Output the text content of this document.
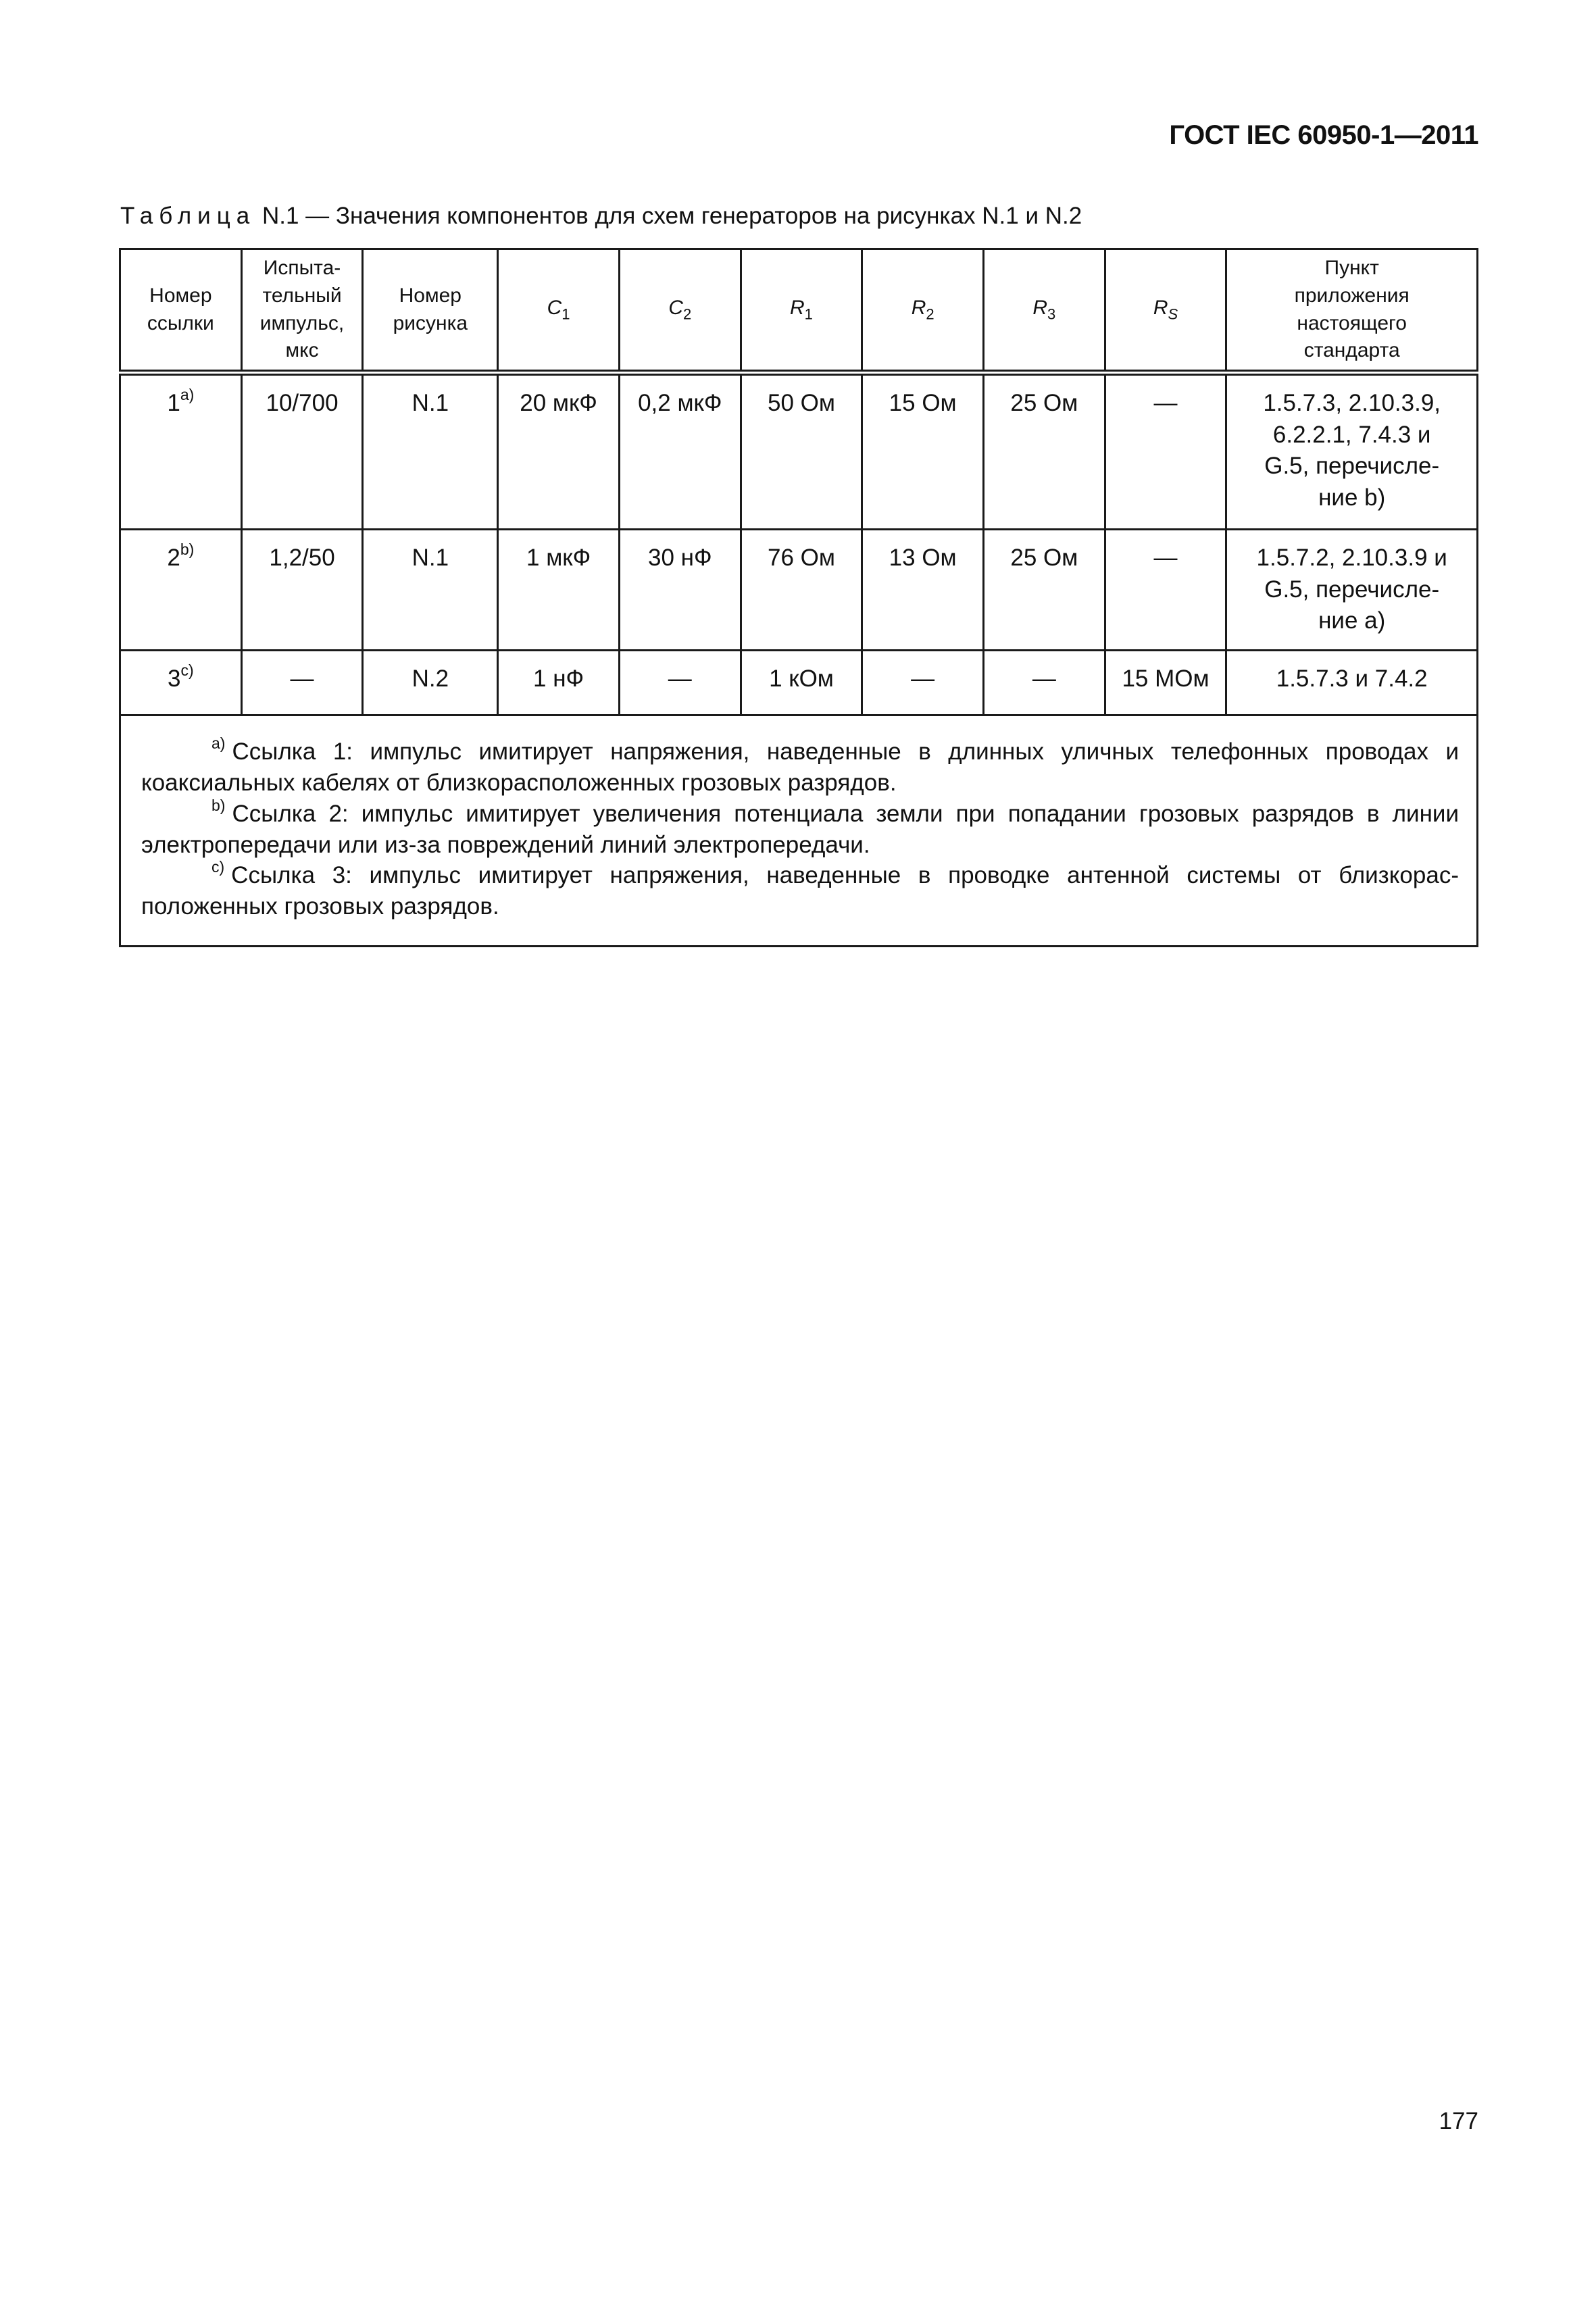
ГОСТ IEC 60950-1—2011
Таблица N.1 — Значения компонентов для схем генераторов на рисунках N.1 и N.2
Номер
ссылки	Испыта-
тельный
импульс,
мкс	Номер
рисунка	$C_1$	$C_2$	$R_1$	$R_2$	$R_3$	$R_S$	Пункт
приложения
настоящего
стандарта
1$^{a)}$	10/700	N.1	20 мкФ	0,2 мкФ	50 Ом	15 Ом	25 Ом	—	1.5.7.3, 2.10.3.9,
6.2.2.1, 7.4.3 и
G.5, перечисле-
ние b)
2$^{b)}$	1,2/50	N.1	1 мкФ	30 нФ	76 Ом	13 Ом	25 Ом	—	1.5.7.2, 2.10.3.9 и
G.5, перечисле-
ние a)
3$^{c)}$	—	N.2	1 нФ	—	1 кОм	—	—	15 МОм	1.5.7.3 и 7.4.2

$^{a)}$ Ссылка 1: импульс имитирует напряжения, наведенные в длинных уличных телефонных проводах и коаксиальных кабелях от близкорасположенных грозовых разрядов.

$^{b)}$ Ссылка 2: импульс имитирует увеличения потенциала земли при попадании грозовых разрядов в линии электропередачи или из-за повреждений линий электропередачи.

$^{c)}$ Ссылка 3: импульс имитирует напряжения, наведенные в проводке антенной системы от близкорасположенных грозовых разрядов.									

177
